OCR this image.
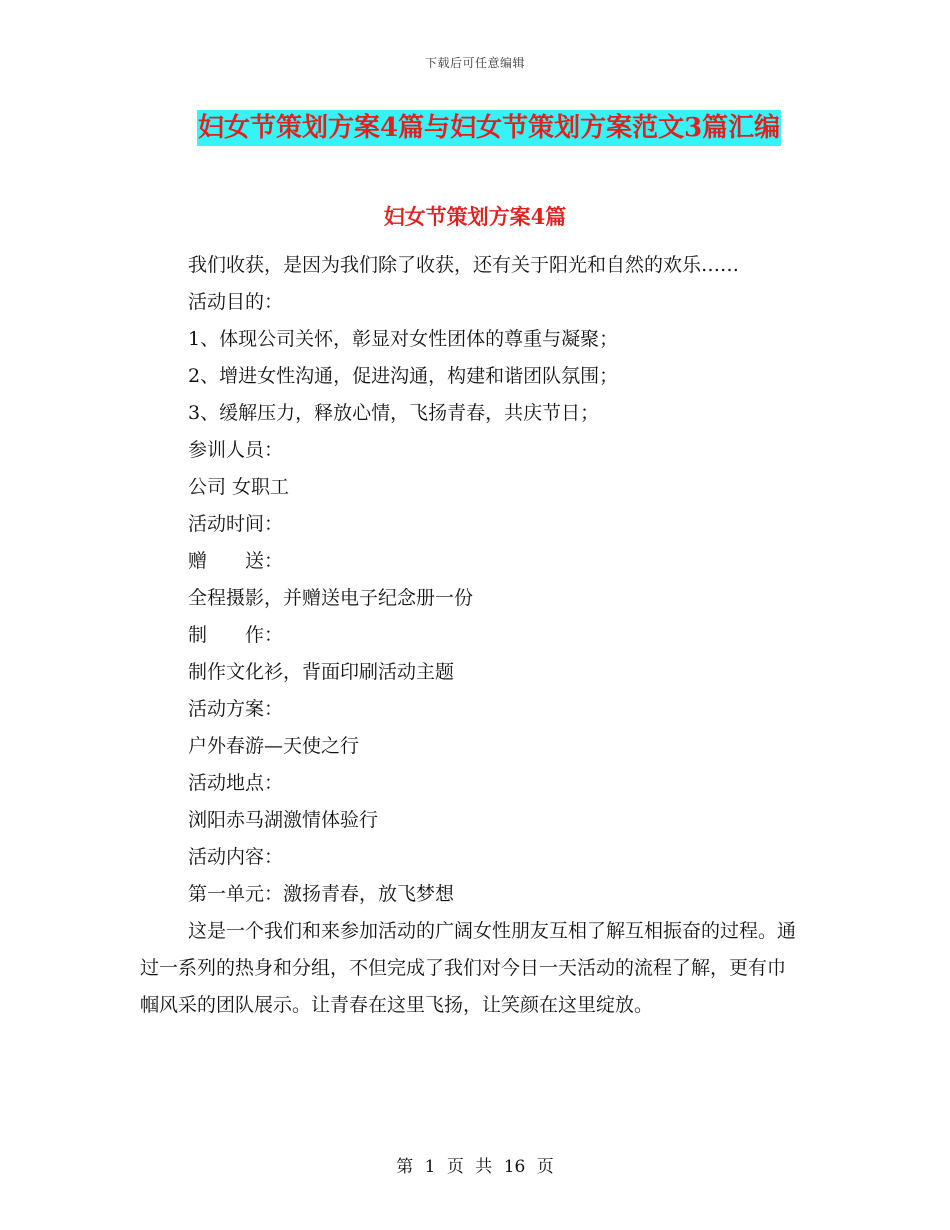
下载后可任意编辑
妇女节策划方案4篇与妇女节策划方案范文3篇汇编
妇女节策划方案4篇

我们收获，是因为我们除了收获，还有关于阳光和自然的欢乐……

活动目的：

1、体现公司关怀，彰显对女性团体的尊重与凝聚；

2、增进女性沟通，促进沟通，构建和谐团队氛围；

3、缓解压力，释放心情，飞扬青春，共庆节日；

参训人员：

公司 女职工

活动时间：

赠　　送：

全程摄影，并赠送电子纪念册一份

制　　作：

制作文化衫，背面印刷活动主题

活动方案：

户外春游—天使之行

活动地点：

浏阳赤马湖激情体验行

活动内容：

第一单元：激扬青春，放飞梦想

这是一个我们和来参加活动的广阔女性朋友互相了解互相振奋的过程。通过一系列的热身和分组，不但完成了我们对今日一天活动的流程了解，更有巾帼风采的团队展示。让青春在这里飞扬，让笑颜在这里绽放。

第 1 页 共 16 页
